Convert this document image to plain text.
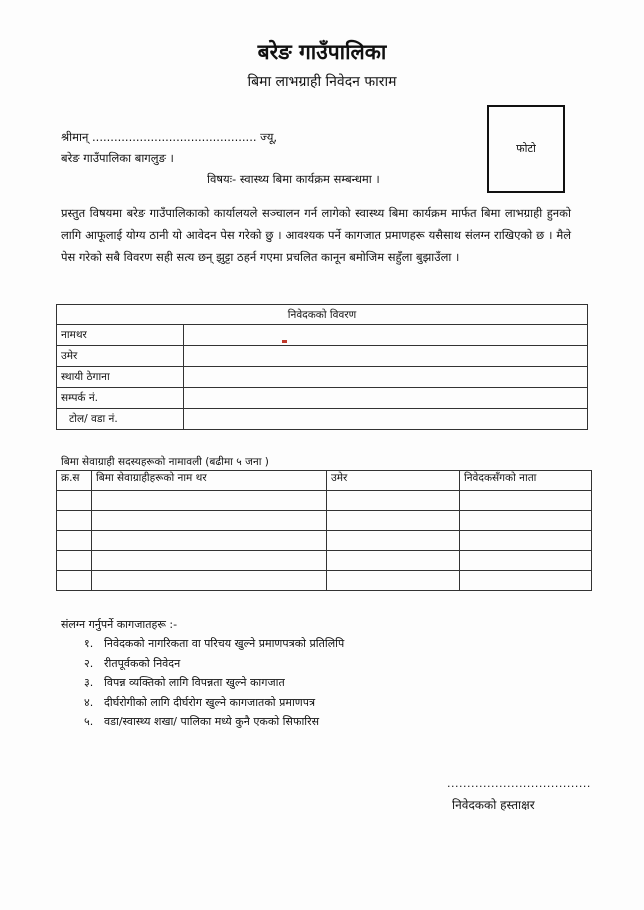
बरेङ गाउँपालिका
बिमा लाभग्राही निवेदन फाराम
फोटो
श्रीमान् ............................................. ज्यू,
बरेङ गाउँपालिका बागलुङ ।
विषयः- स्वास्थ्य बिमा कार्यक्रम सम्बन्धमा ।
प्रस्तुत विषयमा बरेङ गाउँपालिकाको कार्यालयले सञ्चालन गर्न लागेको स्वास्थ्य बिमा कार्यक्रम मार्फत बिमा लाभग्राही हुनको लागि आफूलाई योग्य ठानी यो आवेदन पेस गरेको छु । आवश्यक पर्ने कागजात प्रमाणहरू यसैसाथ संलग्न राखिएको छ । मैले पेस गरेको सबै विवरण सही सत्य छन् झुट्टा ठहर्न गएमा प्रचलित कानून बमोजिम सहुँला बुझाउँला ।
निवेदकको विवरण	
नामथर	
उमेर	
स्थायी ठेगाना	
सम्पर्क नं.	
टोल/ वडा नं.	
बिमा सेवाग्राही सदस्यहरूको नामावली (बढीमा ५ जना )
क्र.स	बिमा सेवाग्राहीहरूको नाम थर	उमेर	निवेदकसँगको नाता

संलग्न गर्नुपर्ने कागजातहरू :-
१. निवेदकको नागरिकता वा परिचय खुल्ने प्रमाणपत्रको प्रतिलिपि
२. रीतपूर्वकको निवेदन
३. विपन्न व्यक्तिको लागि विपन्नता खुल्ने कागजात
४. दीर्घरोगीको लागि दीर्घरोग खुल्ने कागजातको प्रमाणपत्र
५. वडा/स्वास्थ्य शखा/ पालिका मध्ये कुनै एकको सिफारिस
....................................
निवेदकको हस्ताक्षर
